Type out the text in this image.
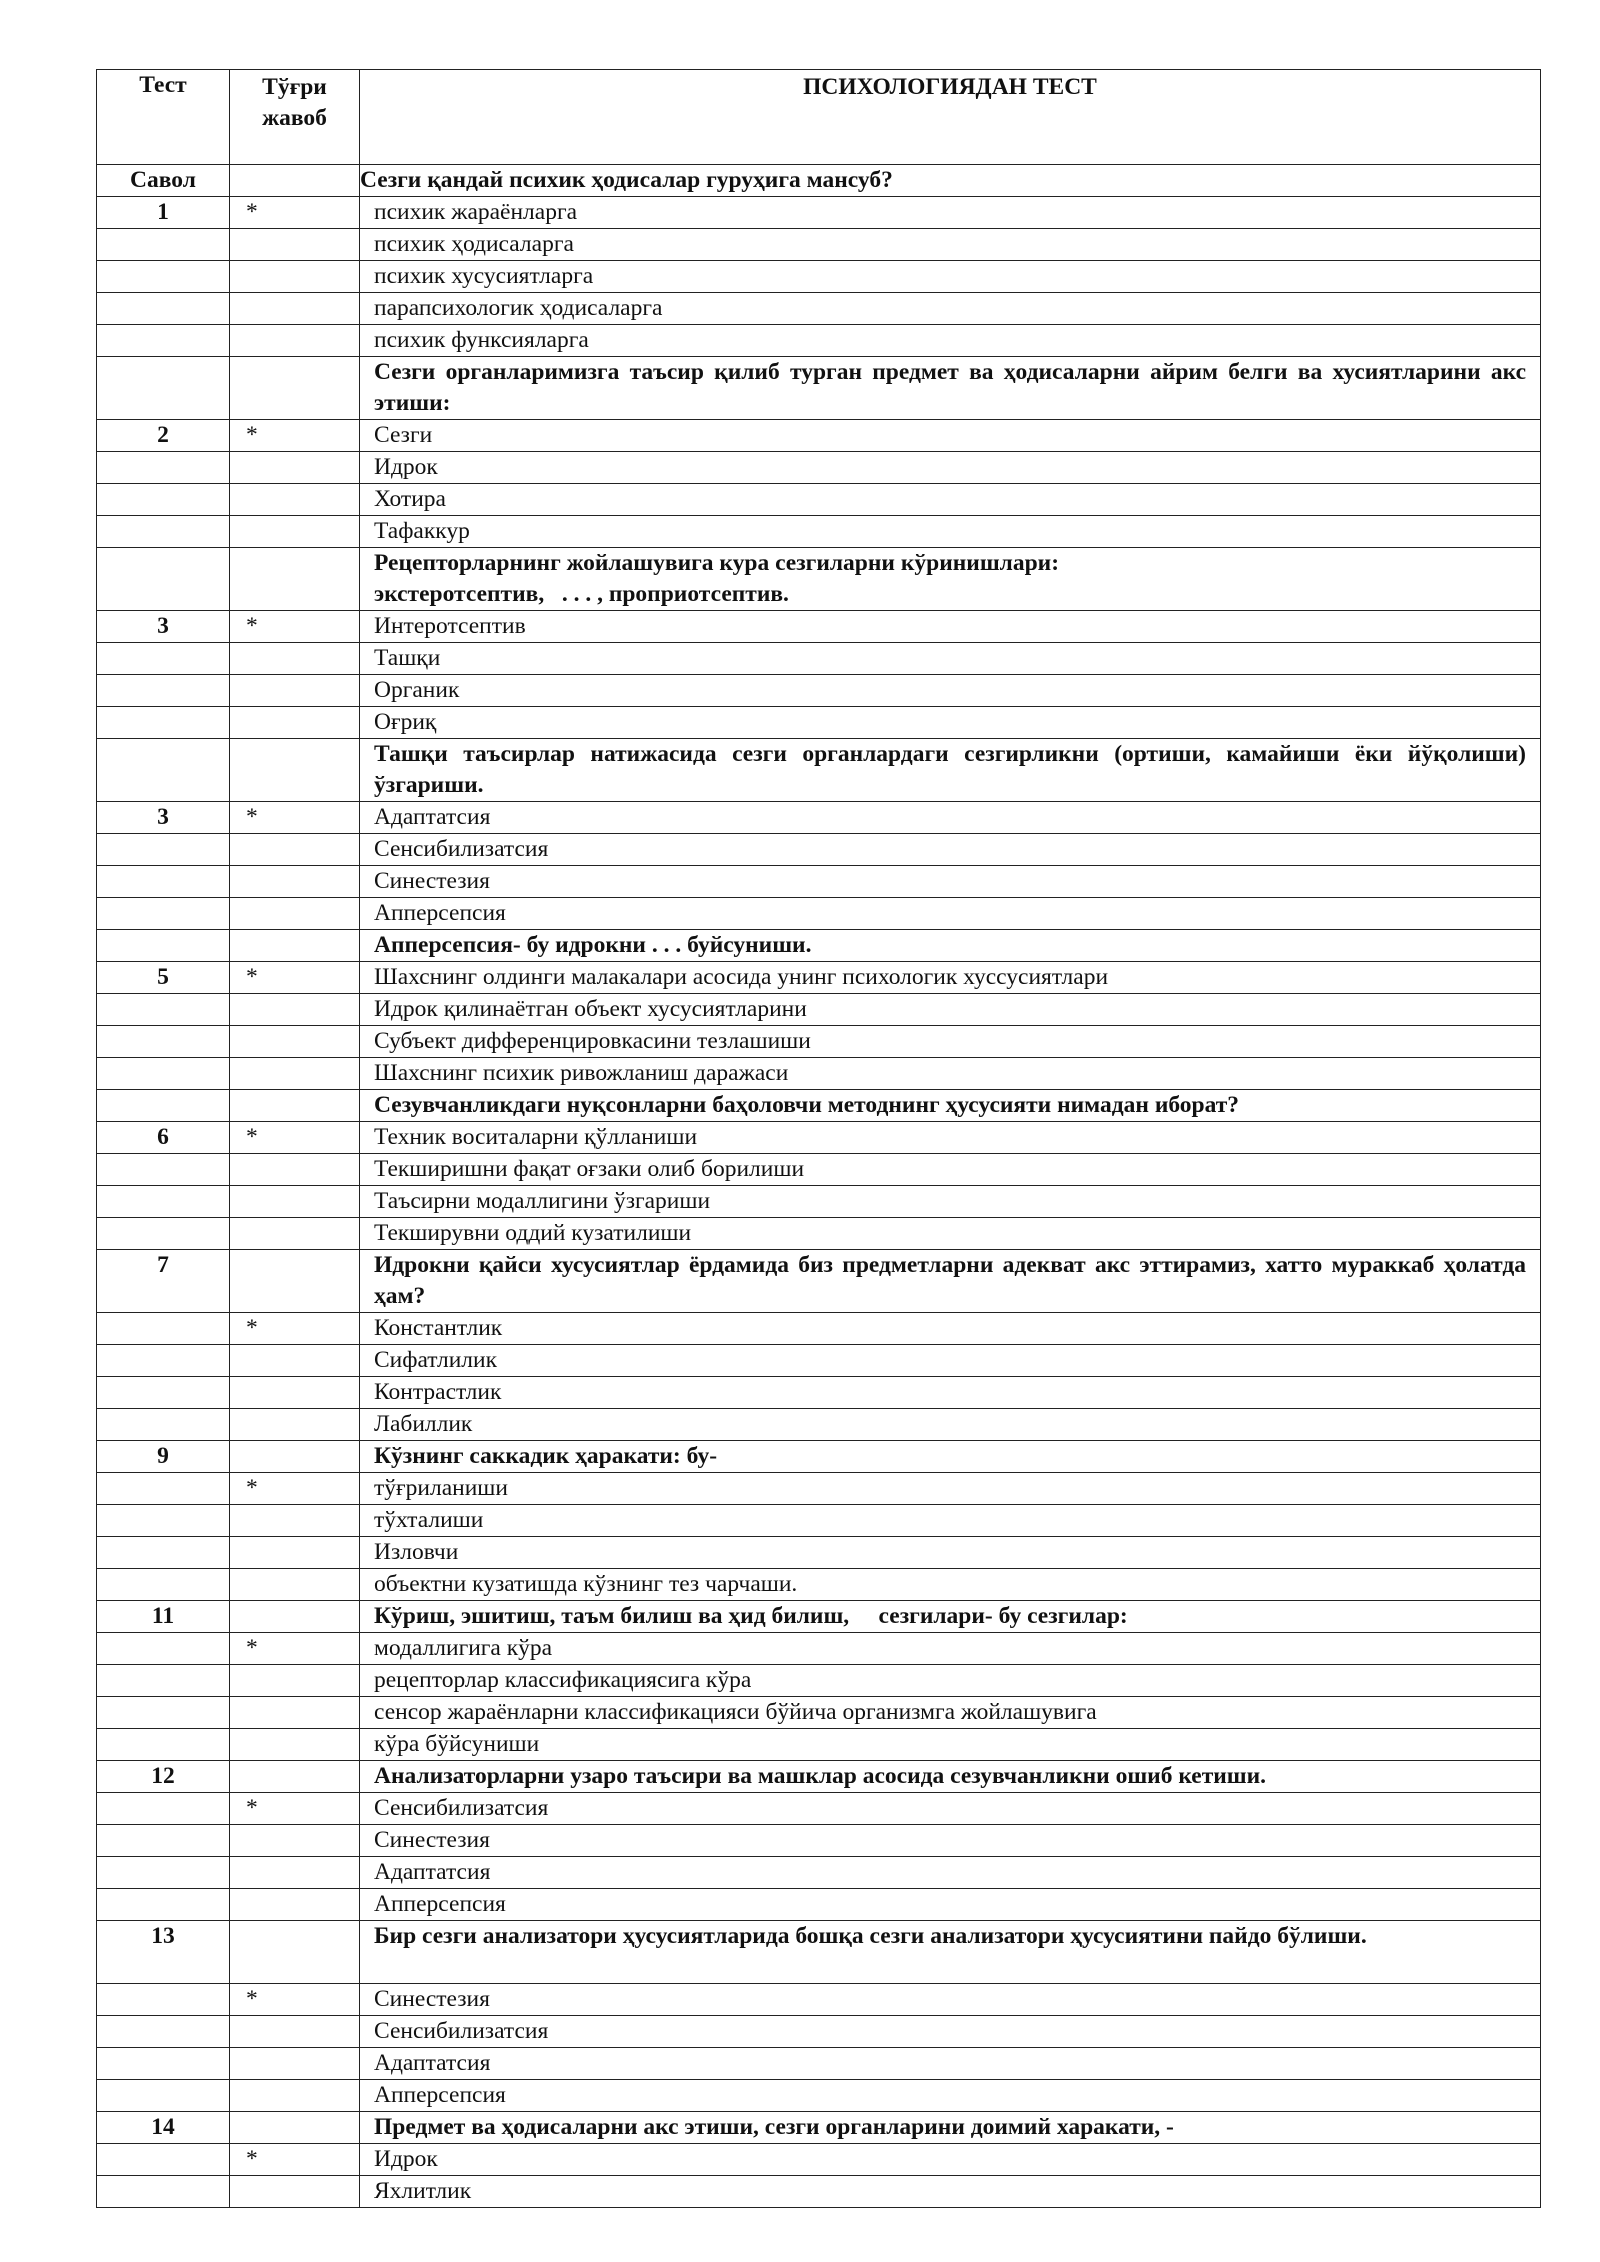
Тест	Тўғри жавоб	ПСИХОЛОГИЯДАН ТЕСТ
Савол		Сезги қандай психик ҳодисалар гуруҳига мансуб?
1	*	психик жараёнларга
		психик ҳодисаларга
		психик хусусиятларга
		парапсихологик ҳодисаларга
		психик функсияларга
		Сезги органларимизга таъсир қилиб турган предмет ва ҳодисаларни айрим белги ва хусиятларини акс этиши:
2	*	Сезги
		Идрок
		Хотира
		Тафаккур
		Рецепторларнинг жойлашувига кура сезгиларни кўринишлари:
экстеротсептив,   . . . , проприотсептив.
3	*	Интеротсептив
		Ташқи
		Органик
		Оғриқ
		Ташқи таъсирлар натижасида сезги органлардаги сезгирликни (ортиши, камайиши ёки йўқолиши) ўзгариши.
3	*	Адаптатсия
		Сенсибилизатсия
		Синестезия
		Апперсепсия
		Апперсепсия- бу идрокни . . . буйсуниши.
5	*	Шахснинг олдинги малакалари асосида унинг психологик хуссусиятлари
		Идрок қилинаётган объект хусусиятларини
		Субъект дифференцировкасини тезлашиши
		Шахснинг психик ривожланиш даражаси
		Сезувчанликдаги нуқсонларни баҳоловчи методнинг ҳусусияти нимадан иборат?
6	*	Техник воситаларни қўлланиши
		Текширишни фақат оғзаки олиб борилиши
		Таъсирни модаллигини ўзгариши
		Текширувни оддий кузатилиши
7		Идрокни қайси хусусиятлар ёрдамида биз предметларни адекват акс эттирамиз, хатто мураккаб ҳолатда ҳам?
	*	Константлик
		Сифатлилик
		Контрастлик
		Лабиллик
9		Кўзнинг саккадик ҳаракати: бу-
	*	тўғриланиши
		тўхталиши
		Изловчи
		объектни кузатишда кўзнинг тез чарчаши.
11		Кўриш, эшитиш, таъм билиш ва ҳид билиш,     сезгилари- бу сезгилар:
	*	модаллигига кўра
		рецепторлар классификациясига кўра
		сенсор жараёнларни классификацияси бўйича организмга жойлашувига
		кўра бўйсуниши
12		Анализаторларни узаро таъсири ва машклар асосида сезувчанликни ошиб кетиши.
	*	Сенсибилизатсия
		Синестезия
		Адаптатсия
		Апперсепсия
13		Бир сезги анализатори ҳусусиятларида бошқа сезги анализатори ҳусусиятини пайдо бўлиши.
	*	Синестезия
		Сенсибилизатсия
		Адаптатсия
		Апперсепсия
14		Предмет ва ҳодисаларни акс этиши, сезги органларини доимий харакати, -
	*	Идрок
		Яхлитлик
